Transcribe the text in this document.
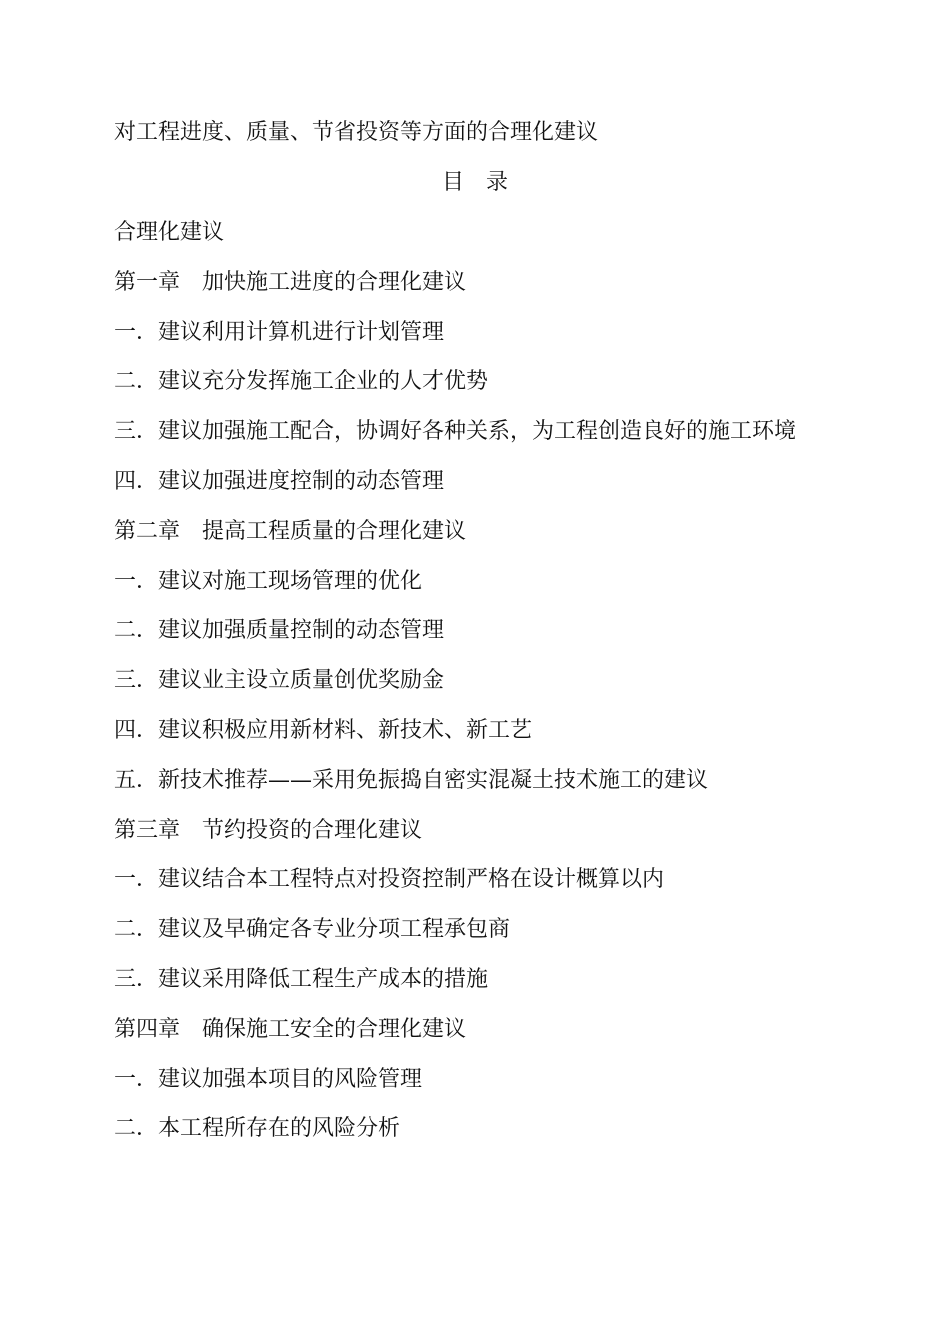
对工程进度、质量、节省投资等方面的合理化建议
目　录
合理化建议
第一章　加快施工进度的合理化建议
一．建议利用计算机进行计划管理
二．建议充分发挥施工企业的人才优势
三．建议加强施工配合，协调好各种关系，为工程创造良好的施工环境
四．建议加强进度控制的动态管理
第二章　提高工程质量的合理化建议
一．建议对施工现场管理的优化
二．建议加强质量控制的动态管理
三．建议业主设立质量创优奖励金
四．建议积极应用新材料、新技术、新工艺
五．新技术推荐——采用免振捣自密实混凝土技术施工的建议
第三章　节约投资的合理化建议
一．建议结合本工程特点对投资控制严格在设计概算以内
二．建议及早确定各专业分项工程承包商
三．建议采用降低工程生产成本的措施
第四章　确保施工安全的合理化建议
一．建议加强本项目的风险管理
二．本工程所存在的风险分析
